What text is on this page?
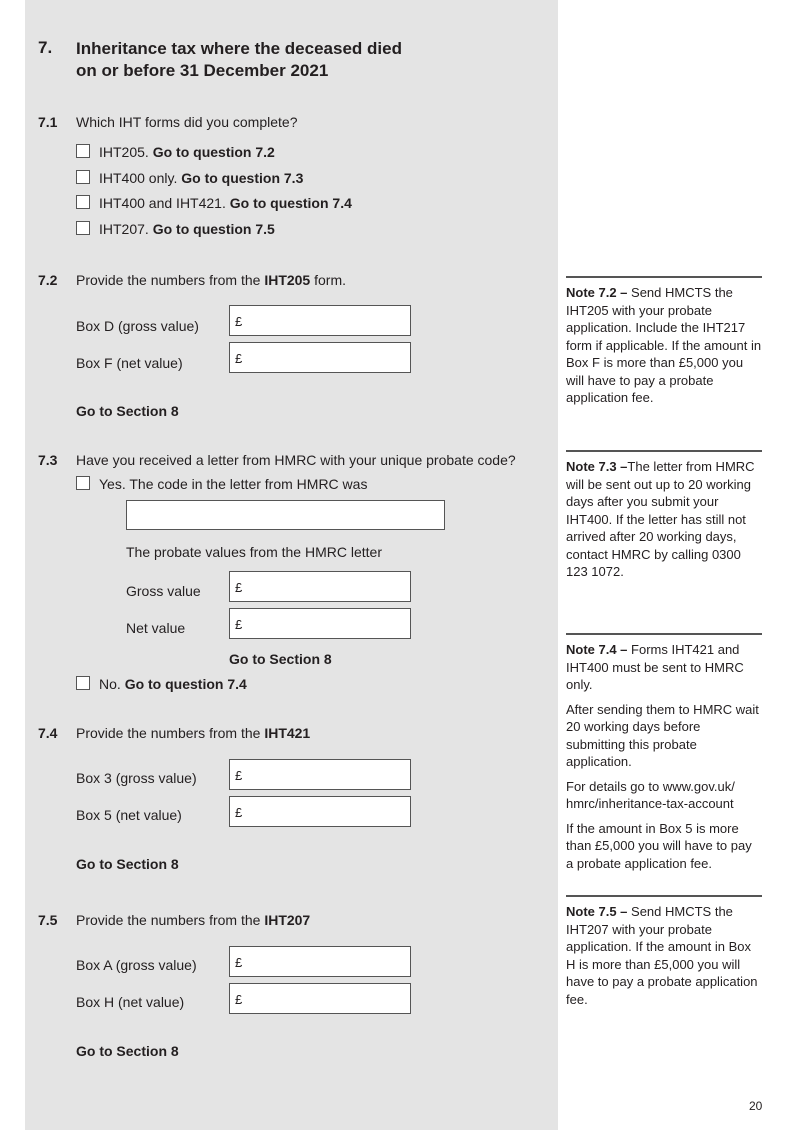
7. Inheritance tax where the deceased died
on or before 31 December 2021
7.1 Which IHT forms did you complete?
IHT205. Go to question 7.2
IHT400 only. Go to question 7.3
IHT400 and IHT421. Go to question 7.4
IHT207. Go to question 7.5
7.2 Provide the numbers from the IHT205 form.
Box D (gross value)	£
Box F (net value)	£
Go to Section 8
7.3 Have you received a letter from HMRC with your unique probate code?
Yes. The code in the letter from HMRC was
The probate values from the HMRC letter
Gross value	£
Net value	£
Go to Section 8
No. Go to question 7.4
7.4 Provide the numbers from the IHT421
Box 3 (gross value)	£
Box 5 (net value)	£
Go to Section 8
7.5 Provide the numbers from the IHT207
Box A (gross value)	£
Box H (net value)	£
Go to Section 8

Note 7.2 – Send HMCTS the IHT205 with your probate application. Include the IHT217 form if applicable. If the amount in Box F is more than £5,000 you will have to pay a probate application fee.

Note 7.3 –The letter from HMRC will be sent out up to 20 working days after you submit your IHT400. If the letter has still not arrived after 20 working days, contact HMRC by calling 0300 123 1072.

Note 7.4 – Forms IHT421 and IHT400 must be sent to HMRC only.

After sending them to HMRC wait 20 working days before submitting this probate application.

For details go to www.gov.uk/ hmrc/inheritance-tax-account

If the amount in Box 5 is more than £5,000 you will have to pay a probate application fee.

Note 7.5 – Send HMCTS the IHT207 with your probate application. If the amount in Box H is more than £5,000 you will have to pay a probate application fee.

20
